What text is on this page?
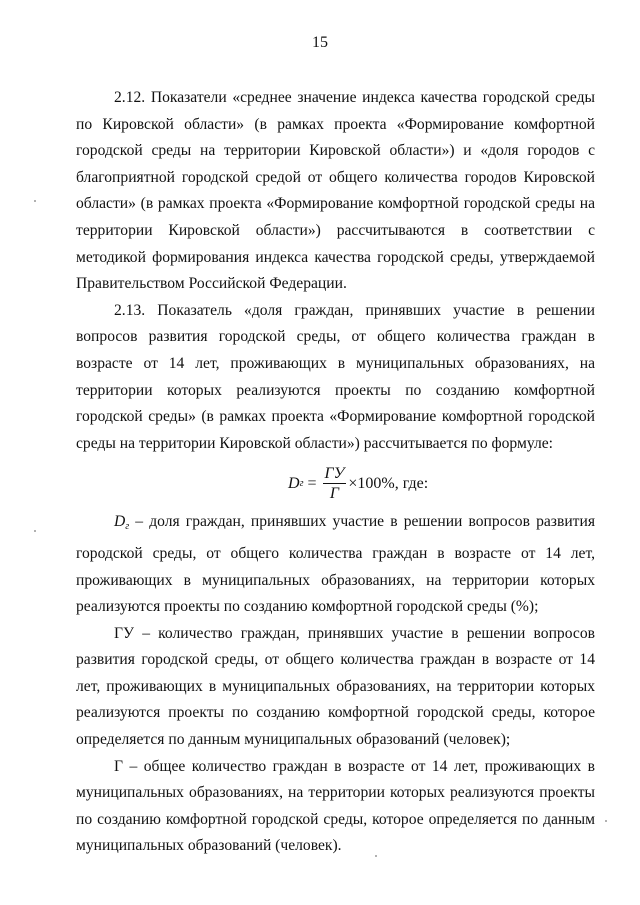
15

2.12. Показатели «среднее значение индекса качества городской среды по Кировской области» (в рамках проекта «Формирование комфортной городской среды на территории Кировской области») и «доля городов с благоприятной городской средой от общего количества городов Кировской области» (в рамках проекта «Формирование комфортной городской среды на территории Кировской области») рассчитываются в соответствии с методикой формирования индекса качества городской среды, утверждаемой Правительством Российской Федерации.

2.13. Показатель «доля граждан, принявших участие в решении вопросов развития городской среды, от общего количества граждан в возрасте от 14 лет, проживающих в муниципальных образованиях, на территории которых реализуются проекты по созданию комфортной городской среды» (в рамках проекта «Формирование комфортной городской среды на территории Кировской области») рассчитывается по формуле:

D $г = \frac{ГУ}{Г} \times 100\%$ , где:

$D_г$ – доля граждан, принявших участие в решении вопросов развития городской среды, от общего количества граждан в возрасте от 14 лет, проживающих в муниципальных образованиях, на территории которых реализуются проекты по созданию комфортной городской среды (%);

ГУ – количество граждан, принявших участие в решении вопросов развития городской среды, от общего количества граждан в возрасте от 14 лет, проживающих в муниципальных образованиях, на территории которых реализуются проекты по созданию комфортной городской среды, которое определяется по данным муниципальных образований (человек);

Г – общее количество граждан в возрасте от 14 лет, проживающих в муниципальных образованиях, на территории которых реализуются проекты по созданию комфортной городской среды, которое определяется по данным муниципальных образований (человек).
